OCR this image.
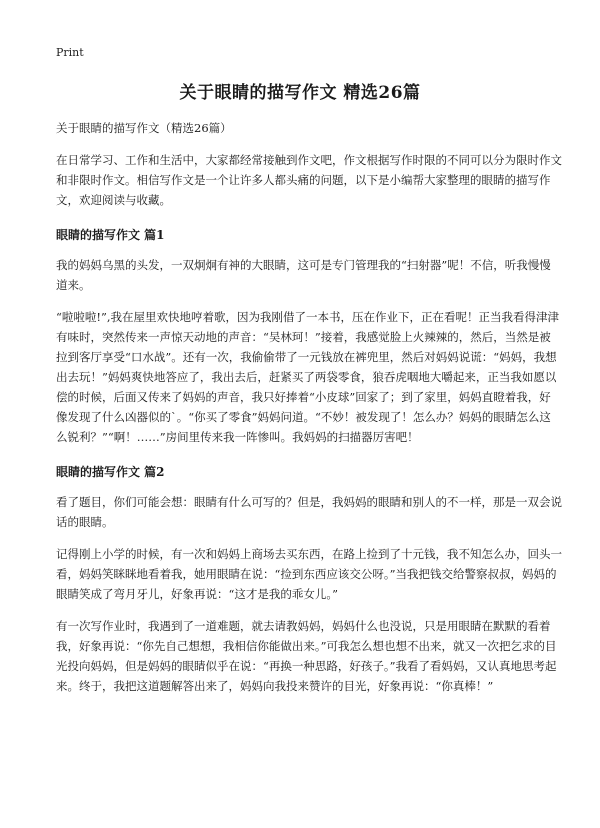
Print
关于眼睛的描写作文 精选26篇
关于眼睛的描写作文（精选26篇）

在日常学习、工作和生活中，大家都经常接触到作文吧，作文根据写作时限的不同可以分为限时作文和非限时作文。相信写作文是一个让许多人都头痛的问题，以下是小编帮大家整理的眼睛的描写作文，欢迎阅读与收藏。

眼睛的描写作文 篇1

我的妈妈乌黑的头发，一双炯炯有神的大眼睛，这可是专门管理我的“扫射器”呢！不信，听我慢慢道来。

“啦啦啦!”,我在屋里欢快地哼着歌，因为我刚借了一本书，压在作业下，正在看呢！正当我看得津津有味时，突然传来一声惊天动地的声音：“吴林珂！”接着，我感觉脸上火辣辣的，然后，当然是被拉到客厅享受“口水战”。还有一次，我偷偷带了一元钱放在裤兜里，然后对妈妈说谎：“妈妈，我想出去玩！”妈妈爽快地答应了，我出去后，赶紧买了两袋零食，狼吞虎咽地大嚼起来，正当我如愿以偿的时候，后面又传来了妈妈的声音，我只好捧着“小皮球”回家了；到了家里，妈妈直瞪着我，好像发现了什么凶器似的`。“你买了零食”妈妈问道。“不妙！被发现了！怎么办？妈妈的眼睛怎么这么锐利？”“啊！……”房间里传来我一阵惨叫。我妈妈的扫描器厉害吧！

眼睛的描写作文 篇2

看了题目，你们可能会想：眼睛有什么可写的？但是，我妈妈的眼睛和别人的不一样，那是一双会说话的眼睛。

记得刚上小学的时候，有一次和妈妈上商场去买东西，在路上捡到了十元钱，我不知怎么办，回头一看，妈妈笑眯眯地看着我，她用眼睛在说：“捡到东西应该交公呀。”当我把钱交给警察叔叔，妈妈的眼睛笑成了弯月牙儿，好象再说：“这才是我的乖女儿。”

有一次写作业时，我遇到了一道难题，就去请教妈妈，妈妈什么也没说，只是用眼睛在默默的看着我，好象再说：“你先自己想想，我相信你能做出来。”可我怎么想也想不出来，就又一次把乞求的目光投向妈妈，但是妈妈的眼睛似乎在说：“再换一种思路，好孩子。”我看了看妈妈，又认真地思考起来。终于，我把这道题解答出来了，妈妈向我投来赞许的目光，好象再说：“你真棒！”
